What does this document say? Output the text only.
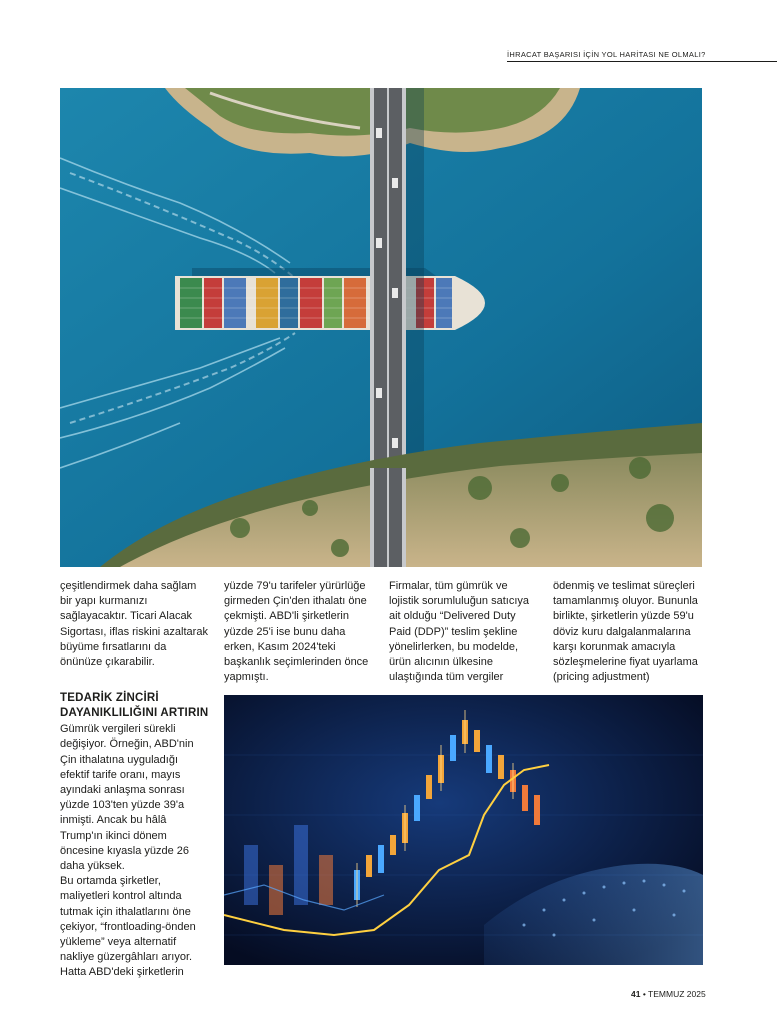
İHRACAT BAŞARISI İÇİN YOL HARİTASI NE OLMALI?

çeşitlendirmek daha sağlam bir yapı kurmanızı sağlayacaktır. Ticari Alacak Sigortası, iflas riskini azaltarak büyüme fırsatlarını da önünüze çıkarabilir.

TEDARİK ZİNCİRİ DAYANIKLILIĞINI ARTIRIN

Gümrük vergileri sürekli değişiyor. Örneğin, ABD'nin Çin ithalatına uyguladığı efektif tarife oranı, mayıs ayındaki anlaşma sonrası yüzde 103'ten yüzde 39'a inmişti. Ancak bu hâlâ Trump'ın ikinci dönem öncesine kıyasla yüzde 26 daha yüksek.

Bu ortamda şirketler, maliyetleri kontrol altında tutmak için ithalatlarını öne çekiyor, “frontloading-önden yükleme” veya alternatif nakliye güzergâhları arıyor. Hatta ABD'deki şirketlerin

yüzde 79'u tarifeler yürürlüğe girmeden Çin'den ithalatı öne çekmişti. ABD'li şirketlerin yüzde 25'i ise bunu daha erken, Kasım 2024'teki başkanlık seçimlerinden önce yapmıştı.

Firmalar, tüm gümrük ve lojistik sorumluluğun satıcıya ait olduğu “Delivered Duty Paid (DDP)” teslim şekline yönelirlerken, bu modelde, ürün alıcının ülkesine ulaştığında tüm vergiler

ödenmiş ve teslimat süreçleri tamamlanmış oluyor. Bununla birlikte, şirketlerin yüzde 59'u döviz kuru dalgalanmalarına karşı korunmak amacıyla sözleşmelerine fiyat uyarlama (pricing adjustment)

41 • TEMMUZ 2025
